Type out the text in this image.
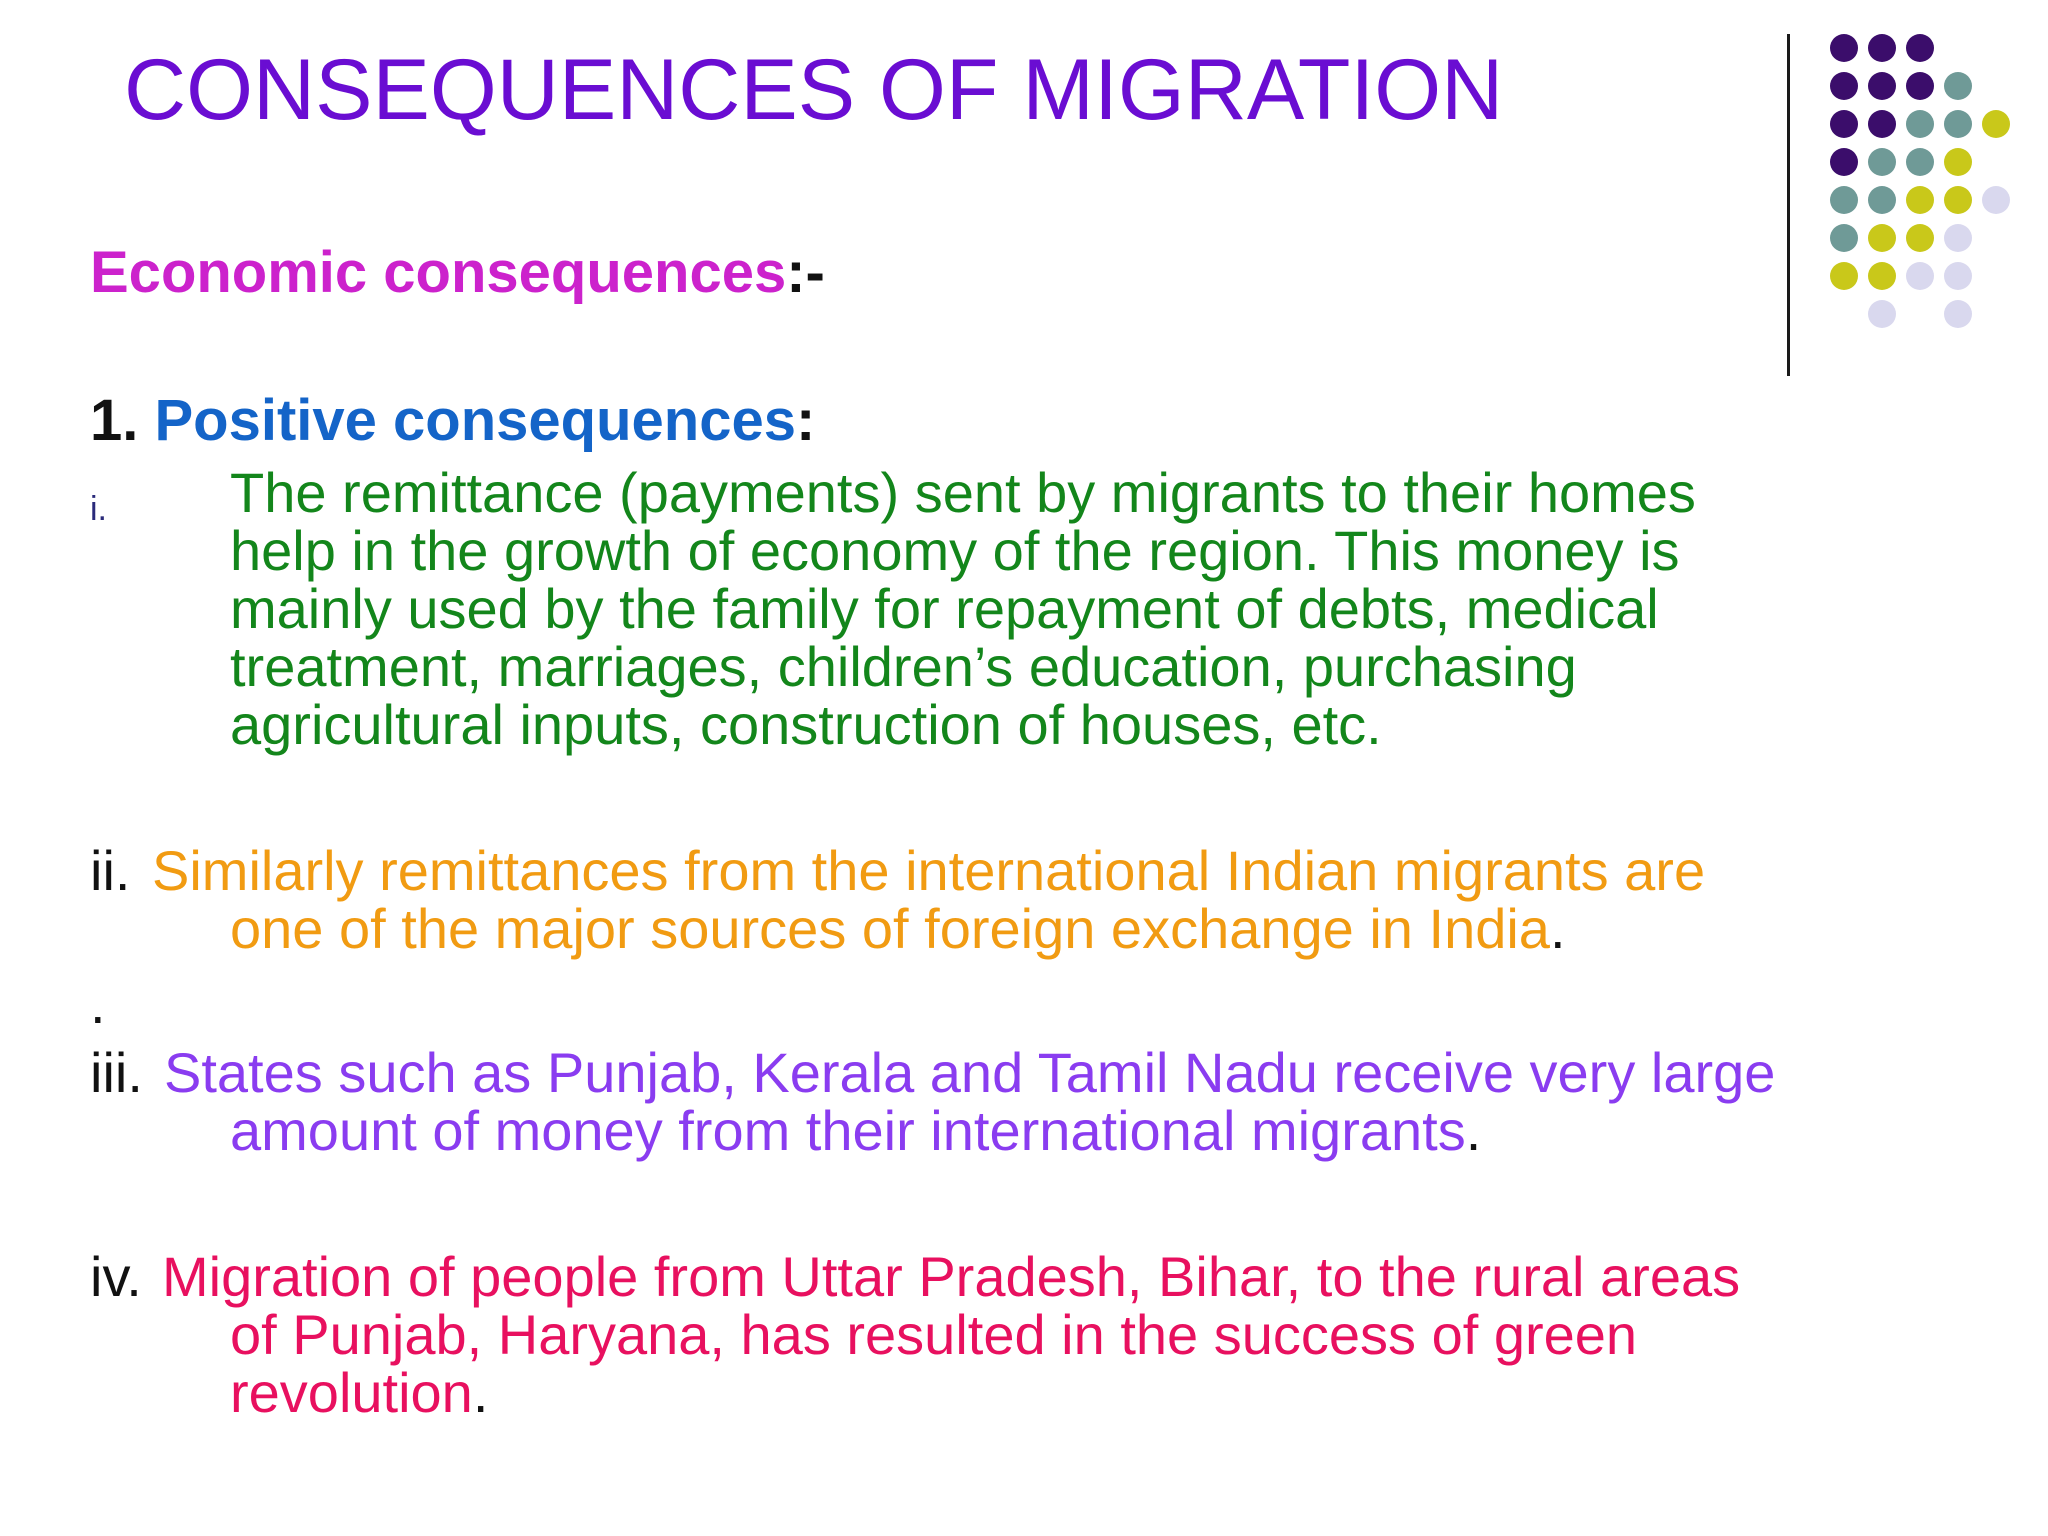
CONSEQUENCES OF MIGRATION
Economic consequences:-
1. Positive consequences:
i. The remittance (payments) sent by migrants to their homes
help in the growth of economy of the region. This money is
mainly used by the family for repayment of debts, medical
treatment, marriages, children’s education, purchasing
agricultural inputs, construction of houses, etc.
ii. Similarly remittances from the international Indian migrants are
one of the major sources of foreign exchange in India.
.
iii. States such as Punjab, Kerala and Tamil Nadu receive very large
amount of money from their international migrants.
iv. Migration of people from Uttar Pradesh, Bihar, to the rural areas
of Punjab, Haryana, has resulted in the success of green
revolution.
